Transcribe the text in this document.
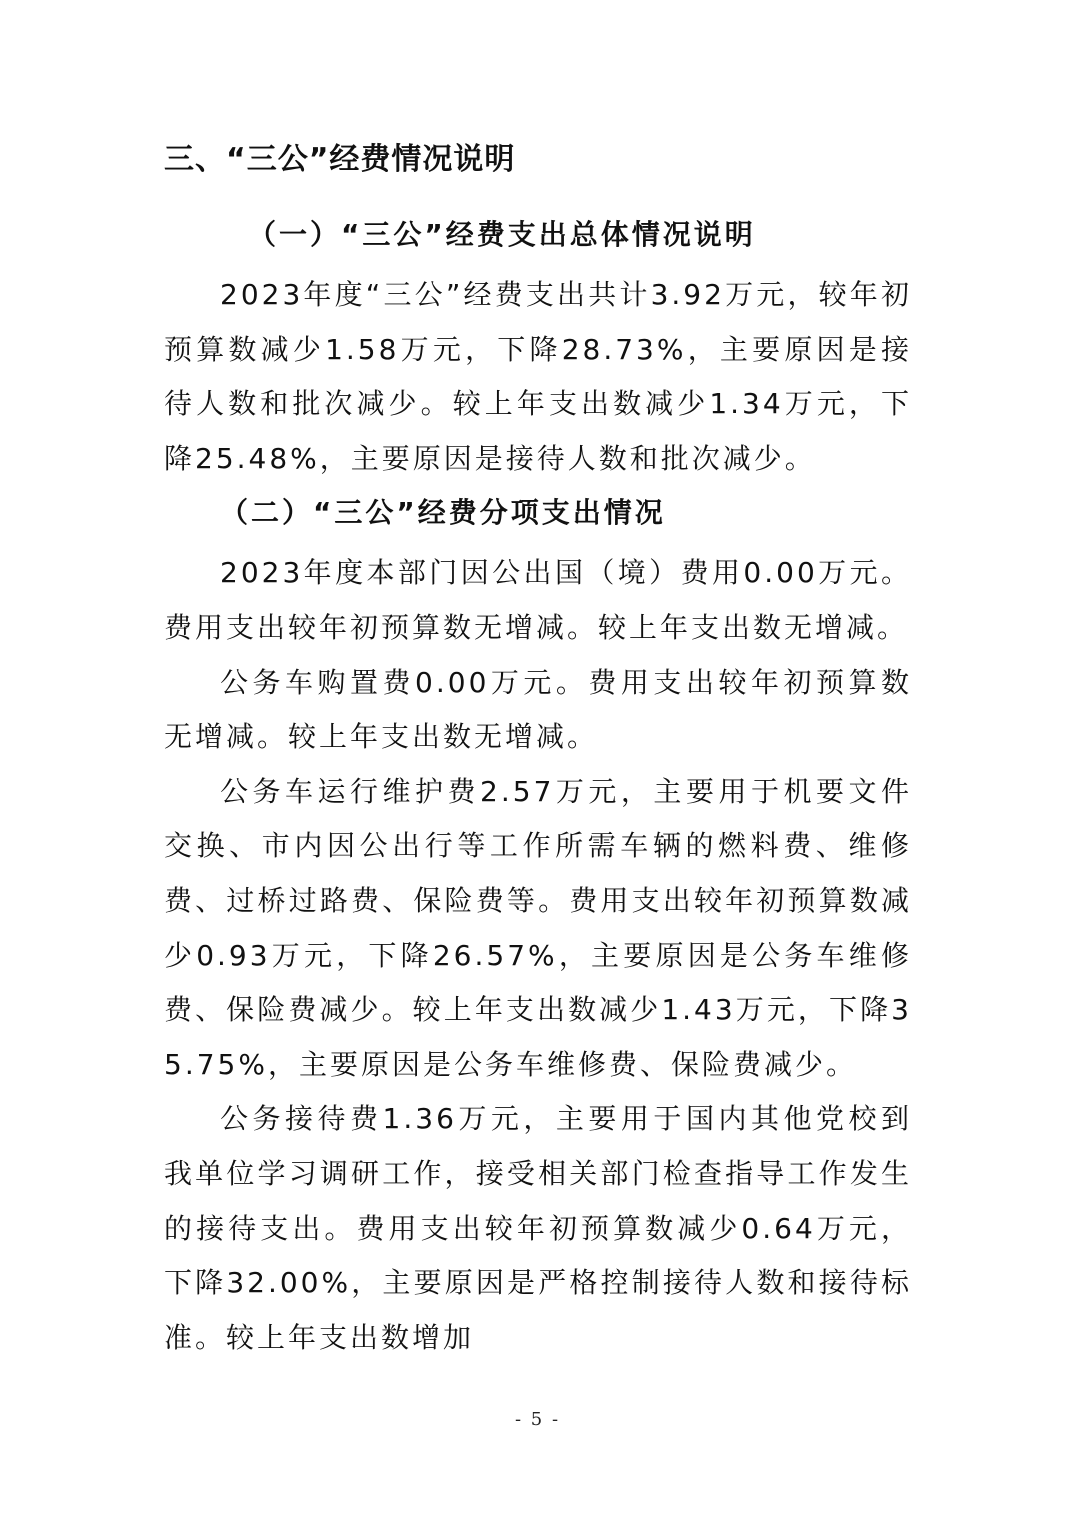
三、“三公”经费情况说明
（一）“三公”经费支出总体情况说明

2023年度“三公”经费支出共计3.92万元，较年初预算数减少1.58万元，下降28.73%，主要原因是接待人数和批次减少。较上年支出数减少1.34万元，下降25.48%，主要原因是接待人数和批次减少。

（二）“三公”经费分项支出情况

2023年度本部门因公出国（境）费用0.00万元。费用支出较年初预算数无增减。较上年支出数无增减。

公务车购置费0.00万元。费用支出较年初预算数无增减。较上年支出数无增减。

公务车运行维护费2.57万元，主要用于机要文件交换、市内因公出行等工作所需车辆的燃料费、维修费、过桥过路费、保险费等。费用支出较年初预算数减少0.93万元，下降26.57%，主要原因是公务车维修费、保险费减少。较上年支出数减少1.43万元，下降35.75%，主要原因是公务车维修费、保险费减少。

公务接待费1.36万元，主要用于国内其他党校到我单位学习调研工作，接受相关部门检查指导工作发生的接待支出。费用支出较年初预算数减少0.64万元，下降32.00%，主要原因是严格控制接待人数和接待标准。较上年支出数增加

- 5 -
